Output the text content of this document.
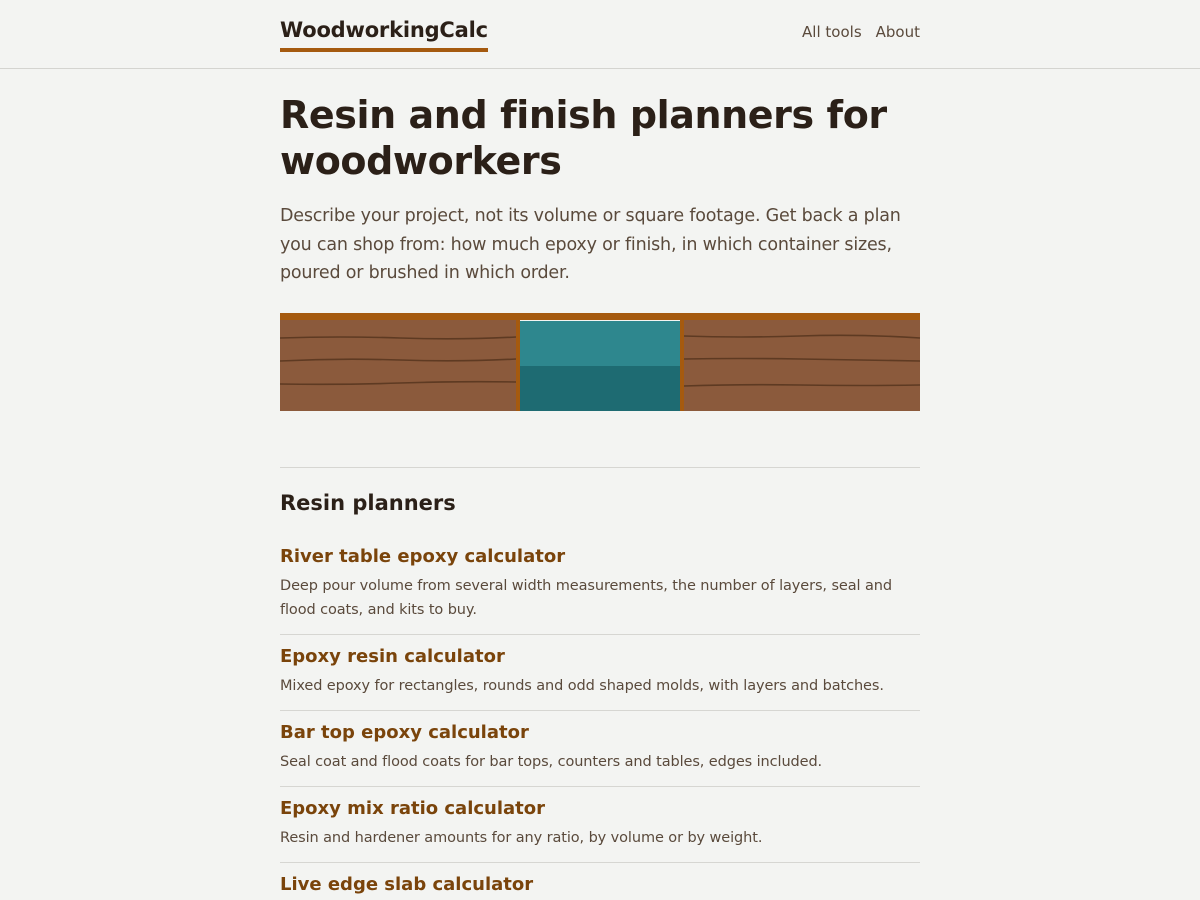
WoodworkingCalc	All tools About
Resin and finish planners for woodworkers

Describe your project, not its volume or square footage. Get back a plan you can shop from: how much epoxy or finish, in which container sizes, poured or brushed in which order.

Resin planners
River table epoxy calculator

Deep pour volume from several width measurements, the number of layers, seal and flood coats, and kits to buy.

Epoxy resin calculator

Mixed epoxy for rectangles, rounds and odd shaped molds, with layers and batches.

Bar top epoxy calculator

Seal coat and flood coats for bar tops, counters and tables, edges included.

Epoxy mix ratio calculator

Resin and hardener amounts for any ratio, by volume or by weight.

Live edge slab calculator
